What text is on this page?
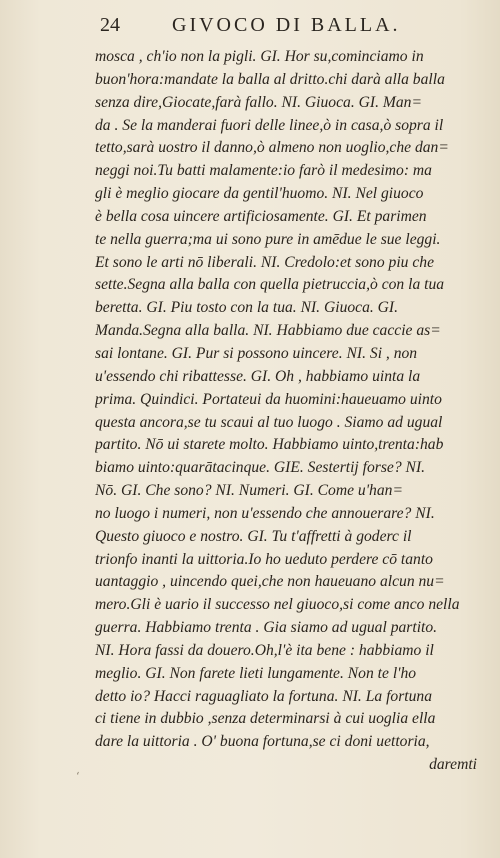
24	GIVOCO DI BALLA.
mosca , ch'io non la pigli. GI. Hor su,cominciamo in
buon'hora:mandate la balla al dritto.chi darà alla balla
senza dire,Giocate,farà fallo. NI. Giuoca. GI. Man=
da . Se la manderai fuori delle linee,ò in casa,ò sopra il
tetto,sarà uostro il danno,ò almeno non uoglio,che dan=
neggi noi.Tu batti malamente:io farò il medesimo: ma
gli è meglio giocare da gentil'huomo. NI. Nel giuoco
è bella cosa uincere artificiosamente. GI. Et parimen
te nella guerra;ma ui sono pure in amēdue le sue leggi.
Et sono le arti nō liberali. NI. Credolo:et sono piu che
sette.Segna alla balla con quella pietruccia,ò con la tua
beretta. GI. Piu tosto con la tua. NI. Giuoca. GI.
Manda.Segna alla balla. NI. Habbiamo due caccie as=
sai lontane. GI. Pur si possono uincere. NI. Si , non
u'essendo chi ribattesse. GI. Oh , habbiamo uinta la
prima. Quindici. Portateui da huomini:haueuamo uinto
questa ancora,se tu scaui al tuo luogo . Siamo ad ugual
partito. Nō ui starete molto. Habbiamo uinto,trenta:hab
biamo uinto:quarātacinque. GIE. Sestertij forse? NI.
Nō. GI. Che sono? NI. Numeri. GI. Come u'han=
no luogo i numeri, non u'essendo che annouerare? NI.
Questo giuoco e nostro. GI. Tu t'affretti à goderc il
trionfo inanti la uittoria.Io ho ueduto perdere cō tanto
uantaggio , uincendo quei,che non haueuano alcun nu=
mero.Gli è uario il successo nel giuoco,si come anco nella
guerra. Habbiamo trenta . Gia siamo ad ugual partito.
NI. Hora fassi da douero.Oh,l'è ita bene : habbiamo il
meglio. GI. Non farete lieti lungamente. Non te l'ho
detto io? Hacci raguagliato la fortuna. NI. La fortuna
ci tiene in dubbio ,senza determinarsi à cui uoglia ella
dare la uittoria . O' buona fortuna,se ci doni uettoria,
daremti
‘
